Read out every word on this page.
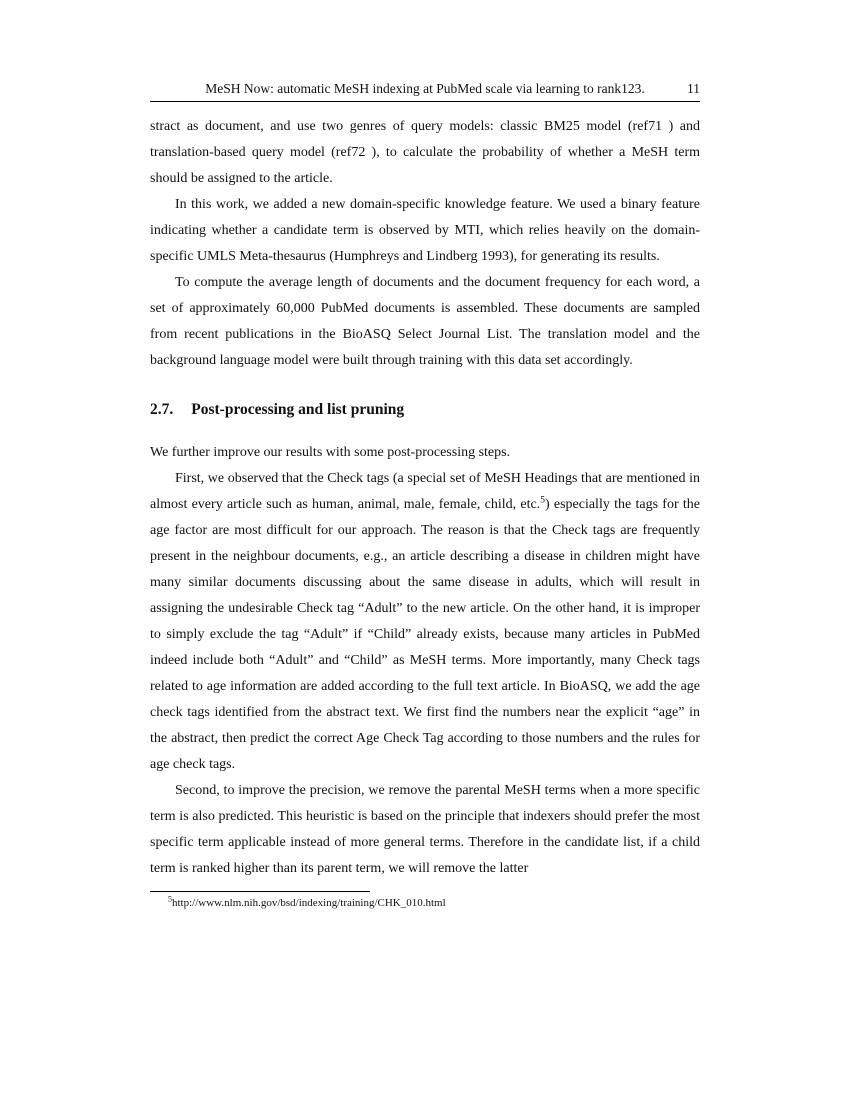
MeSH Now: automatic MeSH indexing at PubMed scale via learning to rank123.	11

stract as document, and use two genres of query models: classic BM25 model (ref71 ) and translation-based query model (ref72 ), to calculate the probability of whether a MeSH term should be assigned to the article.

In this work, we added a new domain-specific knowledge feature. We used a binary feature indicating whether a candidate term is observed by MTI, which relies heavily on the domain-specific UMLS Meta-thesaurus (Humphreys and Lindberg 1993), for generating its results.

To compute the average length of documents and the document frequency for each word, a set of approximately 60,000 PubMed documents is assembled. These documents are sampled from recent publications in the BioASQ Select Journal List. The translation model and the background language model were built through training with this data set accordingly.

2.7. Post-processing and list pruning

We further improve our results with some post-processing steps.

First, we observed that the Check tags (a special set of MeSH Headings that are mentioned in almost every article such as human, animal, male, female, child, etc.$^5$) especially the tags for the age factor are most difficult for our approach. The reason is that the Check tags are frequently present in the neighbour documents, e.g., an article describing a disease in children might have many similar documents discussing about the same disease in adults, which will result in assigning the undesirable Check tag “Adult” to the new article. On the other hand, it is improper to simply exclude the tag “Adult” if “Child” already exists, because many articles in PubMed indeed include both “Adult” and “Child” as MeSH terms. More importantly, many Check tags related to age information are added according to the full text article. In BioASQ, we add the age check tags identified from the abstract text. We first find the numbers near the explicit “age” in the abstract, then predict the correct Age Check Tag according to those numbers and the rules for age check tags.

Second, to improve the precision, we remove the parental MeSH terms when a more specific term is also predicted. This heuristic is based on the principle that indexers should prefer the most specific term applicable instead of more general terms. Therefore in the candidate list, if a child term is ranked higher than its parent term, we will remove the latter

$^5$http://www.nlm.nih.gov/bsd/indexing/training/CHK_010.html
